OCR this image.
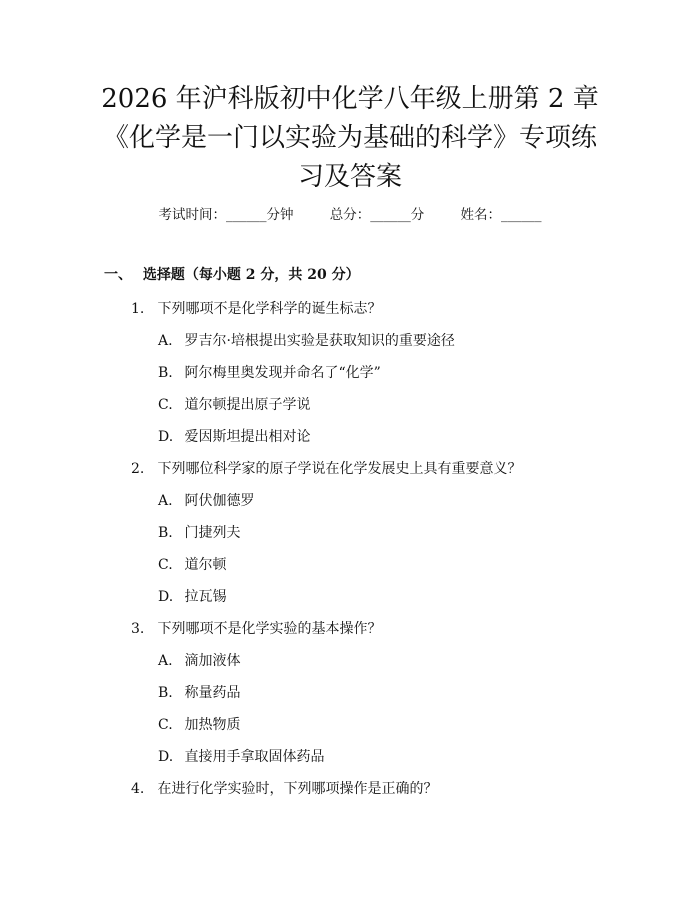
2026 年沪科版初中化学八年级上册第 2 章
《化学是一门以实验为基础的科学》专项练
习及答案
考试时间：______分钟	总分：______分	姓名：______
一、 选择题（每小题 2 分，共 20 分）
1. 下列哪项不是化学科学的诞生标志？
A. 罗吉尔·培根提出实验是获取知识的重要途径
B. 阿尔梅里奥发现并命名了“化学”
C. 道尔顿提出原子学说
D. 爱因斯坦提出相对论
2. 下列哪位科学家的原子学说在化学发展史上具有重要意义？
A. 阿伏伽德罗
B. 门捷列夫
C. 道尔顿
D. 拉瓦锡
3. 下列哪项不是化学实验的基本操作？
A. 滴加液体
B. 称量药品
C. 加热物质
D. 直接用手拿取固体药品
4. 在进行化学实验时，下列哪项操作是正确的？
